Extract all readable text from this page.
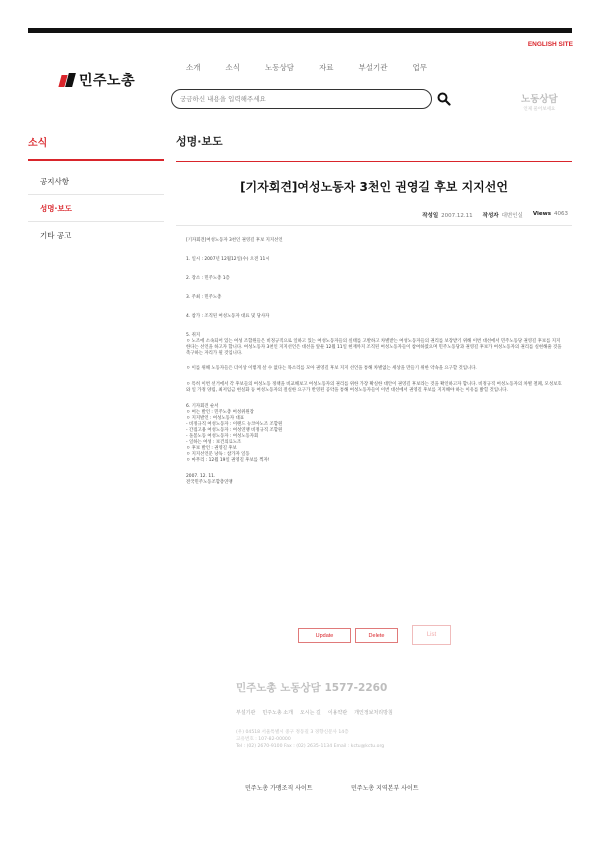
ENGLISH SITE
민주노총
소개	소식	노동상담	자료	부설기관	업무
궁금하신 내용을 입력해주세요
노동상담
언제 물어보세요
소식
공지사항
성명·보도
기타 공고
성명·보도
[기자회견]여성노동자 3천인 권영길 후보 지지선언
작성일 2007.12.11 작성자 대변인실 Views 4063

[기자회견]여성노동자 3천인 권영길 후보 지지선언

1. 일시 : 2007년 12월12일(수) 오전 11시

2. 장소 : 민주노총 1층

3. 주최 : 민주노총

4. 참가 : 조직된 여성노동자 대표 및 당사자

5. 취지

ㅇ 노조에 소속되어 있는 여성 조합원들은 비정규직으로 일하고 있는 여성노동자들의 실태를 고발하고 차별받는 여성노동자들의 권리를 보장받기 위해 이번 대선에서 민주노동당 권영길 후보를 지지한다는 선언을 하고자 합니다. 여성노동자 3천인 지지선언은 대선을 앞둔 12월 11일 현재까지 조직된 여성노동자들이 참여하였으며 민주노동당과 권영길 후보가 여성노동자의 권리를 실현해줄 것을 촉구하는 자리가 될 것입니다.

ㅇ 이를 위해 노동자들은 더이상 이렇게 살 수 없다는 목소리를 모아 권영길 후보 지지 선언을 통해 차별없는 세상을 만들기 위한 약속을 요구할 것입니다.

ㅇ 특히 이번 선거에서 각 후보들의 여성노동 정책을 비교해보고 여성노동자의 권리를 위한 가장 확실한 대안이 권영길 후보라는 것을 확인하고자 합니다. 비정규직 여성노동자의 차별 철폐, 모성보호와 일 가정 양립, 최저임금 현실화 등 여성노동자의 절실한 요구가 반영된 공약을 통해 여성노동자들이 이번 대선에서 권영길 후보를 지지해야 하는 이유를 밝힐 것입니다.

6. 기자회견 순서

ㅇ 여는 발언 : 민주노총 여성위원장

ㅇ 지지발언 : 여성노동자 대표

- 비정규직 여성노동자 : 이랜드 뉴코아노조 조합원

- 간접고용 여성노동자 : 여성연맹 비정규직 조합원

- 돌봄노동 여성노동자 : 여성노동자회

- 일하는 여성 : 보건의료노조

ㅇ 후보 발언 : 권영길 후보

ㅇ 지지선언문 낭독 : 참가자 일동

ㅇ 마무리 : 12월 19일 권영길 후보를 찍자!

2007. 12. 11.

전국민주노동조합총연맹

Update	Delete	List
민주노총 노동상담 1577-2260
부설기관 민주노총 소개 오시는 길 이용약관 개인정보처리방침
(우) 04518 서울특별시 중구 정동길 3 경향신문사 14층
고유번호 : 107-82-00000
Tel : (02) 2670-9100 Fax : (02) 2635-1134 Email : kctu@kctu.org
민주노총 가맹조직 사이트	민주노총 지역본부 사이트
